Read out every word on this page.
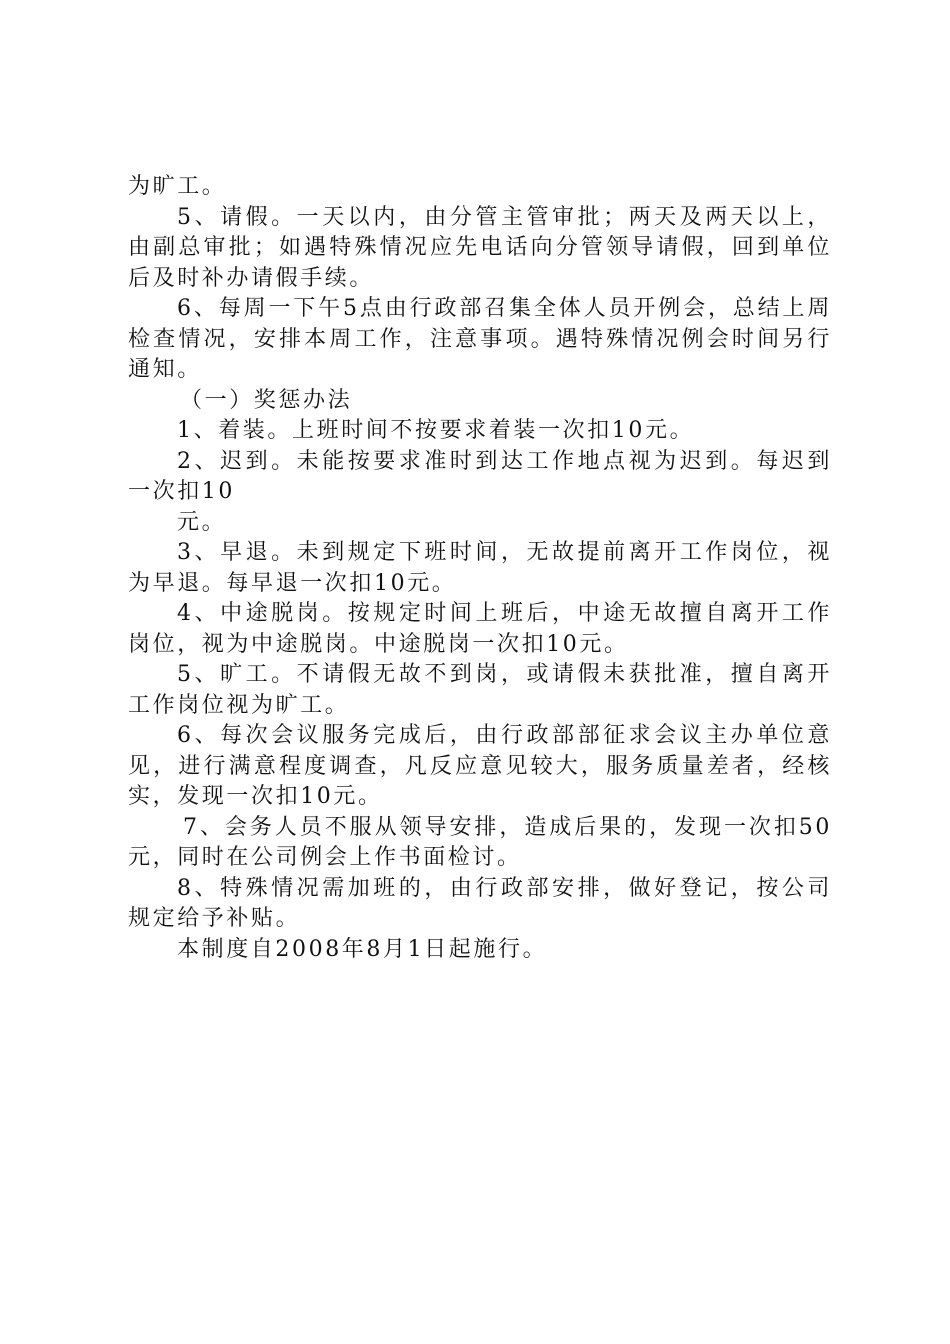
为旷工。

5、请假。一天以内，由分管主管审批；两天及两天以上，由副总审批；如遇特殊情况应先电话向分管领导请假，回到单位后及时补办请假手续。

6、每周一下午5点由行政部召集全体人员开例会，总结上周检查情况，安排本周工作，注意事项。遇特殊情况例会时间另行通知。

（一）奖惩办法

1、着装。上班时间不按要求着装一次扣10元。

2、迟到。未能按要求准时到达工作地点视为迟到。每迟到一次扣10

元。

3、早退。未到规定下班时间，无故提前离开工作岗位，视为早退。每早退一次扣10元。

4、中途脱岗。按规定时间上班后，中途无故擅自离开工作岗位，视为中途脱岗。中途脱岗一次扣10元。

5、旷工。不请假无故不到岗，或请假未获批准，擅自离开工作岗位视为旷工。

6、每次会议服务完成后，由行政部部征求会议主办单位意见，进行满意程度调查，凡反应意见较大，服务质量差者，经核实，发现一次扣10元。

7、会务人员不服从领导安排，造成后果的，发现一次扣50元，同时在公司例会上作书面检讨。

8、特殊情况需加班的，由行政部安排，做好登记，按公司规定给予补贴。

本制度自2008年8月1日起施行。
